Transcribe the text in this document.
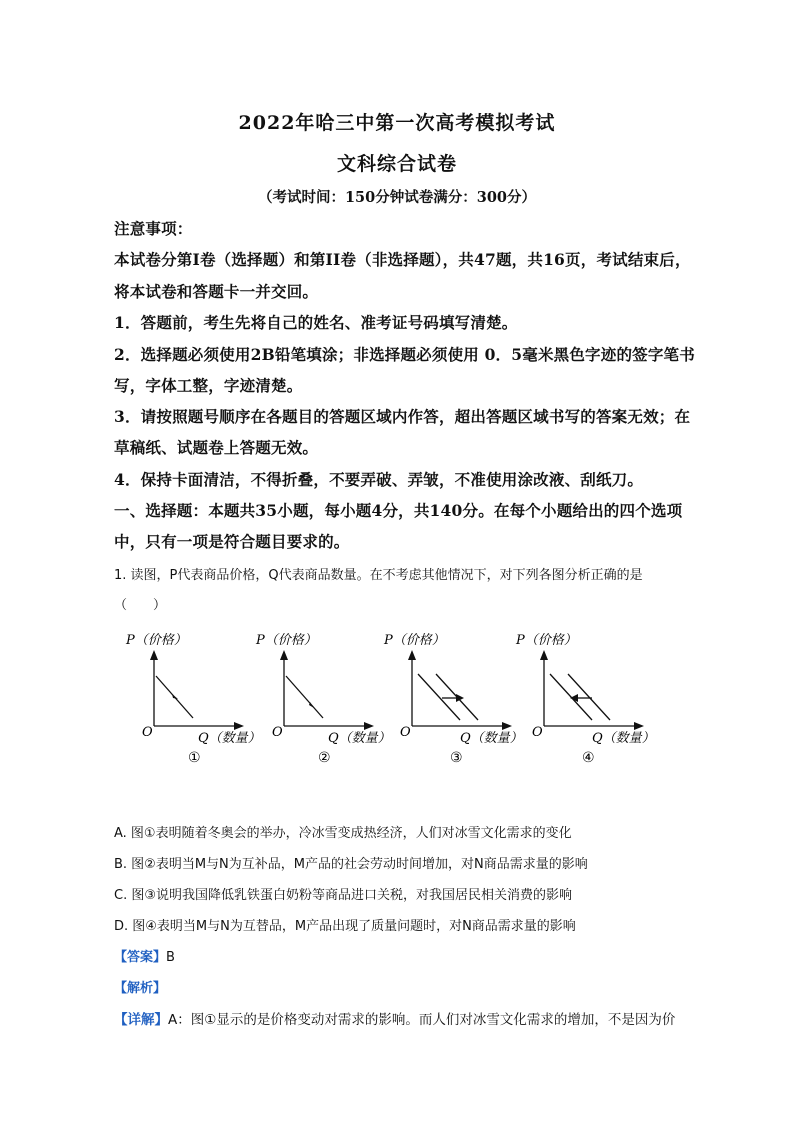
2022年哈三中第一次高考模拟考试
文科综合试卷
（考试时间：150分钟试卷满分：300分）
注意事项：
本试卷分第Ⅰ卷（选择题）和第II卷（非选择题），共47题，共16页，考试结束后，
将本试卷和答题卡一并交回。
1．答题前，考生先将自己的姓名、准考证号码填写清楚。
2．选择题必须使用2B铅笔填涂；非选择题必须使用 0．5毫米黑色字迹的签字笔书
写，字体工整，字迹清楚。
3．请按照题号顺序在各题目的答题区域内作答，超出答题区域书写的答案无效；在
草稿纸、试题卷上答题无效。
4．保持卡面清洁，不得折叠，不要弄破、弄皱，不准使用涂改液、刮纸刀。
一、选择题：本题共35小题，每小题4分，共140分。在每个小题给出的四个选项
中，只有一项是符合题目要求的。
1. 读图，P代表商品价格，Q代表商品数量。在不考虑其他情况下，对下列各图分析正确的是
（　　）
P（价格）
O	Q（数量）
①
P（价格）
O	Q（数量）
②
P（价格）
O	Q（数量）
③
P（价格）
O	Q（数量）
④
A. 图①表明随着冬奥会的举办，冷冰雪变成热经济，人们对冰雪文化需求的变化
B. 图②表明当M与N为互补品，M产品的社会劳动时间增加，对N商品需求量的影响
C. 图③说明我国降低乳铁蛋白奶粉等商品进口关税，对我国居民相关消费的影响
D. 图④表明当M与N为互替品，M产品出现了质量问题时，对N商品需求量的影响
【答案】B
【解析】
【详解】A：图①显示的是价格变动对需求的影响。而人们对冰雪文化需求的增加，不是因为价
